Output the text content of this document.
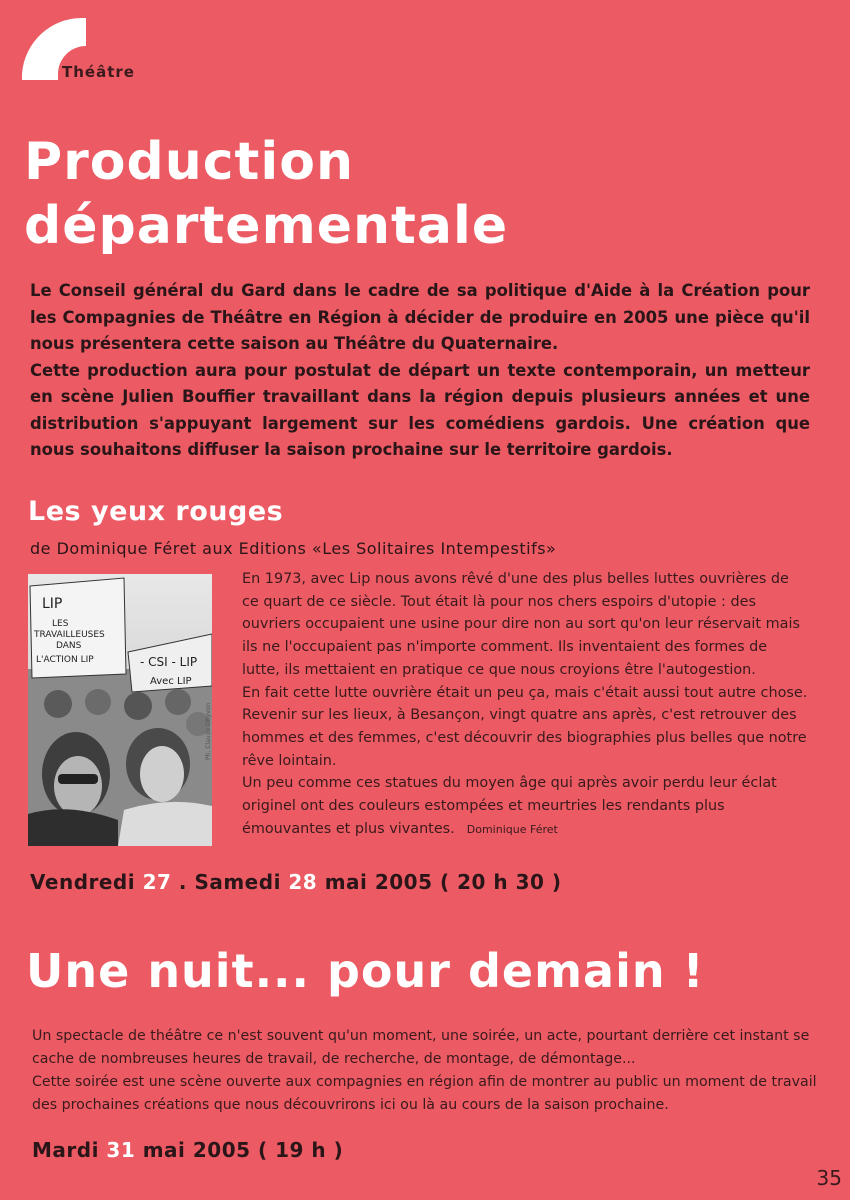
Théâtre
Production
départementale

Le Conseil général du Gard dans le cadre de sa politique d'Aide à la Création pour les Compagnies de Théâtre en Région à décider de produire en 2005 une pièce qu'il nous présentera cette saison au Théâtre du Quaternaire.

Cette production aura pour postulat de départ un texte contemporain, un metteur en scène Julien Bouffier travaillant dans la région depuis plusieurs années et une distribution s'appuyant largement sur les comédiens gardois. Une création que nous souhaitons diffuser la saison prochaine sur le territoire gardois.

Les yeux rouges
de Dominique Féret aux Editions «Les Solitaires Intempestifs»
LIP
LES
TRAVAILLEUSES
DANS
L'ACTION LIP	- CSI - LIP
Avec LIP
Ph. Claude Dityvon

En 1973, avec Lip nous avons rêvé d'une des plus belles luttes ouvrières de ce quart de ce siècle. Tout était là pour nos chers espoirs d'utopie : des ouvriers occupaient une usine pour dire non au sort qu'on leur réservait mais ils ne l'occupaient pas n'importe comment. Ils inventaient des formes de lutte, ils mettaient en pratique ce que nous croyions être l'autogestion.

En fait cette lutte ouvrière était un peu ça, mais c'était aussi tout autre chose. Revenir sur les lieux, à Besançon, vingt quatre ans après, c'est retrouver des hommes et des femmes, c'est découvrir des biographies plus belles que notre rêve lointain.

Un peu comme ces statues du moyen âge qui après avoir perdu leur éclat originel ont des couleurs estompées et meurtries les rendants plus émouvantes et plus vivantes. Dominique Féret

Vendredi 27 . Samedi 28 mai 2005 ( 20 h 30 )
Une nuit... pour demain !

Un spectacle de théâtre ce n'est souvent qu'un moment, une soirée, un acte, pourtant derrière cet instant se cache de nombreuses heures de travail, de recherche, de montage, de démontage...

Cette soirée est une scène ouverte aux compagnies en région afin de montrer au public un moment de travail des prochaines créations que nous découvrirons ici ou là au cours de la saison prochaine.

Mardi 31 mai 2005 ( 19 h )
35
